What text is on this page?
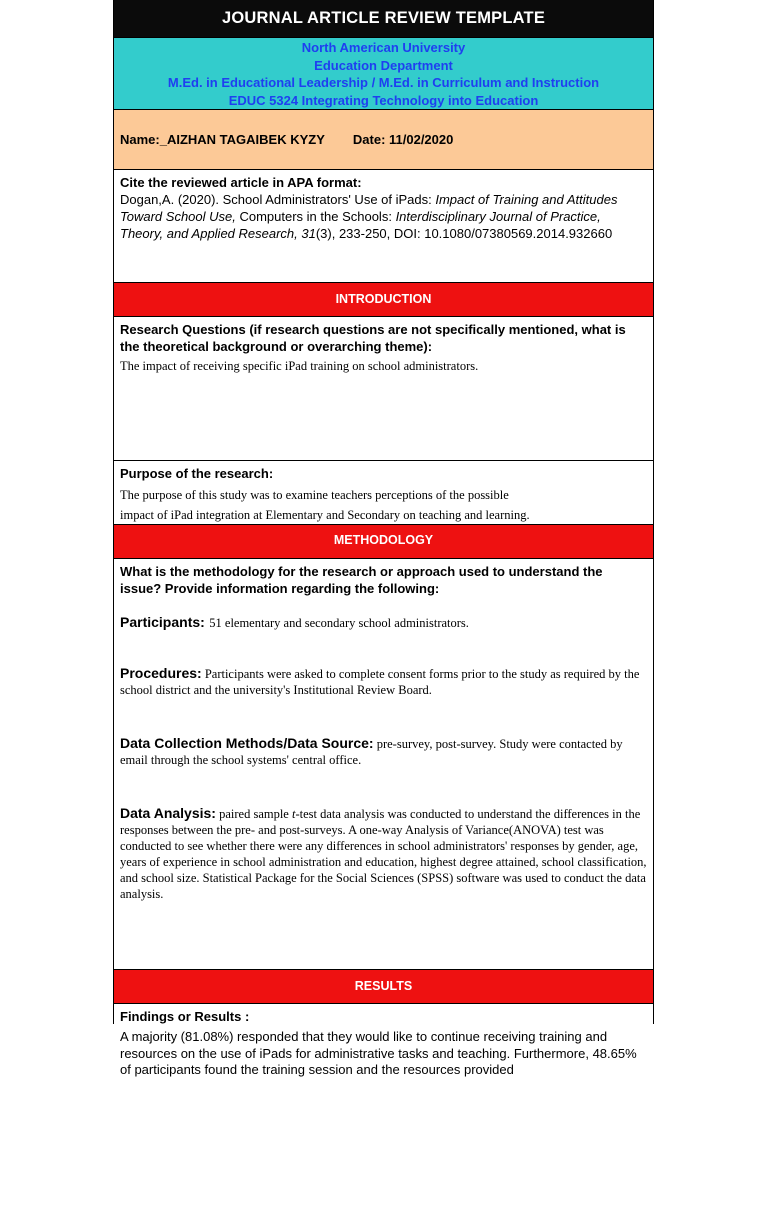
JOURNAL ARTICLE REVIEW TEMPLATE
North American University
Education Department
M.Ed. in Educational Leadership / M.Ed. in Curriculum and Instruction
EDUC 5324 Integrating Technology into Education
Name:_AIZHAN TAGAIBEK KYZY Date: 11/02/2020
Cite the reviewed article in APA format:
Dogan,A. (2020). School Administrators' Use of iPads: Impact of Training and Attitudes Toward School Use, Computers in the Schools: Interdisciplinary Journal of Practice, Theory, and Applied Research, 31(3), 233-250, DOI: 10.1080/07380569.2014.932660
INTRODUCTION
Research Questions (if research questions are not specifically mentioned, what is the theoretical background or overarching theme):
The impact of receiving specific iPad training on school administrators.
Purpose of the research:
The purpose of this study was to examine teachers perceptions of the possible
impact of iPad integration at Elementary and Secondary on teaching and learning.
METHODOLOGY
What is the methodology for the research or approach used to understand the issue? Provide information regarding the following:
Participants: 51 elementary and secondary school administrators.
Procedures: Participants were asked to complete consent forms prior to the study as required by the school district and the university's Institutional Review Board.
Data Collection Methods/Data Source: pre-survey, post-survey. Study were contacted by email through the school systems' central office.
Data Analysis: paired sample t-test data analysis was conducted to understand the differences in the responses between the pre- and post-surveys. A one-way Analysis of Variance(ANOVA) test was conducted to see whether there were any differences in school administrators' responses by gender, age, years of experience in school administration and education, highest degree attained, school classification, and school size. Statistical Package for the Social Sciences (SPSS) software was used to conduct the data analysis.
RESULTS
Findings or Results :
A majority (81.08%) responded that they would like to continue receiving training and resources on the use of iPads for administrative tasks and teaching. Furthermore, 48.65% of participants found the training session and the resources provided
